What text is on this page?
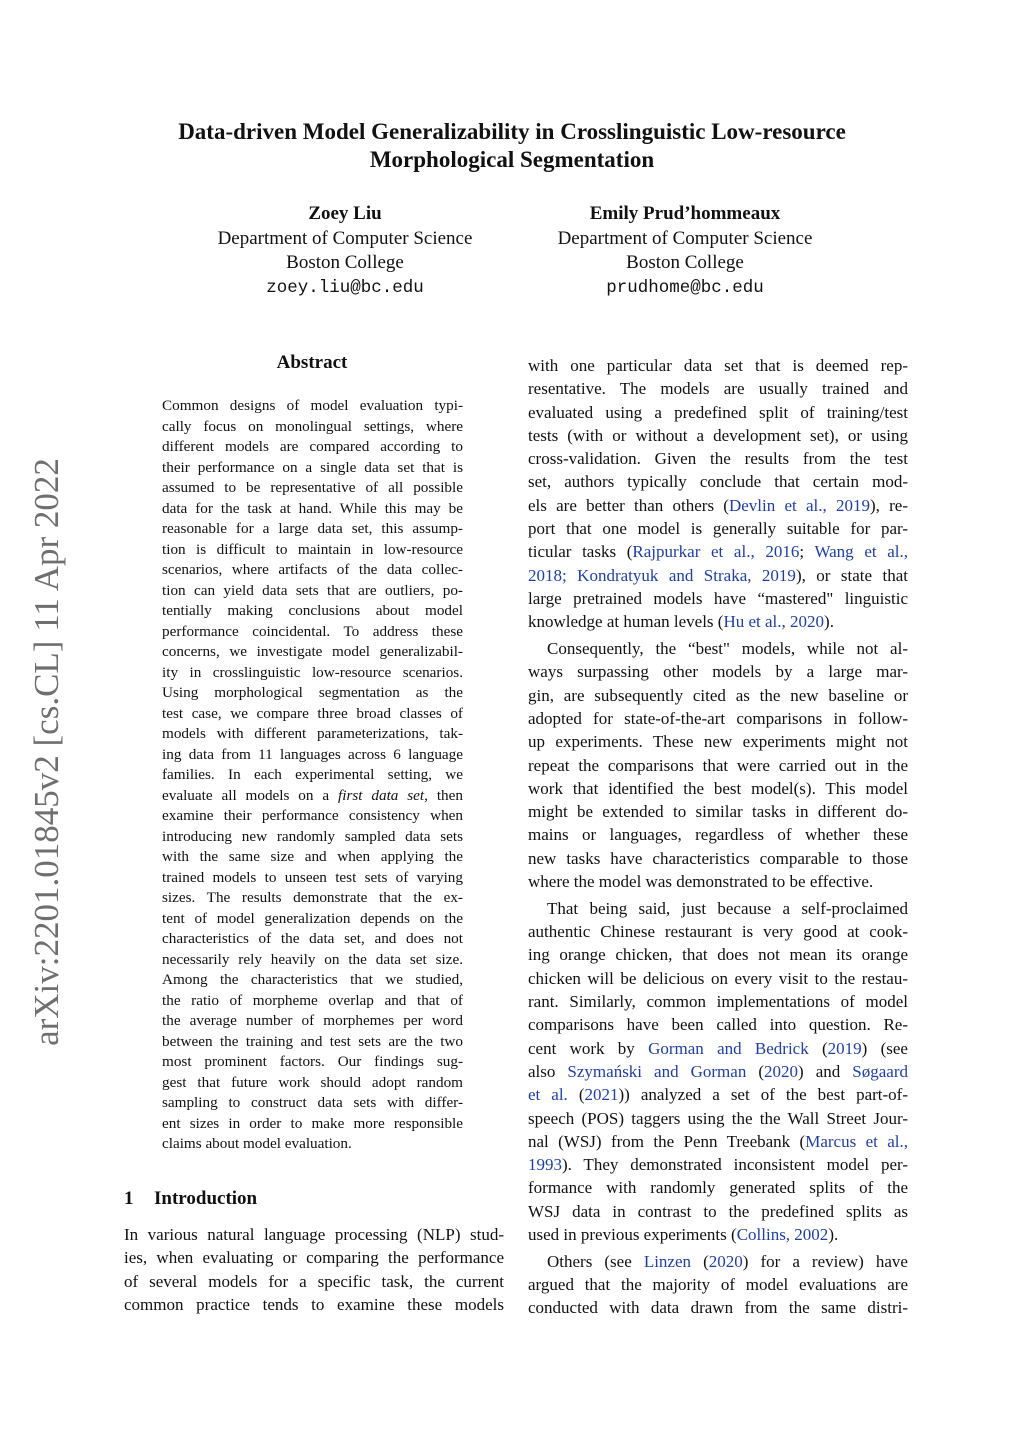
Data-driven Model Generalizability in Crosslinguistic Low-resource
Morphological Segmentation
Zoey Liu
Department of Computer Science
Boston College
zoey.liu@bc.edu
Emily Prud’hommeaux
Department of Computer Science
Boston College
prudhome@bc.edu
arXiv:2201.01845v2 [cs.CL] 11 Apr 2022
Abstract
Common designs of model evaluation typi-
cally focus on monolingual settings, where
different models are compared according to
their performance on a single data set that is
assumed to be representative of all possible
data for the task at hand. While this may be
reasonable for a large data set, this assump-
tion is difficult to maintain in low-resource
scenarios, where artifacts of the data collec-
tion can yield data sets that are outliers, po-
tentially making conclusions about model
performance coincidental. To address these
concerns, we investigate model generalizabil-
ity in crosslinguistic low-resource scenarios.
Using morphological segmentation as the
test case, we compare three broad classes of
models with different parameterizations, tak-
ing data from 11 languages across 6 language
families. In each experimental setting, we
evaluate all models on a first data set, then
examine their performance consistency when
introducing new randomly sampled data sets
with the same size and when applying the
trained models to unseen test sets of varying
sizes. The results demonstrate that the ex-
tent of model generalization depends on the
characteristics of the data set, and does not
necessarily rely heavily on the data set size.
Among the characteristics that we studied,
the ratio of morpheme overlap and that of
the average number of morphemes per word
between the training and test sets are the two
most prominent factors. Our findings sug-
gest that future work should adopt random
sampling to construct data sets with differ-
ent sizes in order to make more responsible
claims about model evaluation.
1 Introduction
In various natural language processing (NLP) stud-
ies, when evaluating or comparing the performance
of several models for a specific task, the current
common practice tends to examine these models
with one particular data set that is deemed rep-
resentative. The models are usually trained and
evaluated using a predefined split of training/test
tests (with or without a development set), or using
cross-validation. Given the results from the test
set, authors typically conclude that certain mod-
els are better than others (Devlin et al., 2019), re-
port that one model is generally suitable for par-
ticular tasks (Rajpurkar et al., 2016; Wang et al.,
2018; Kondratyuk and Straka, 2019), or state that
large pretrained models have “mastered" linguistic
knowledge at human levels (Hu et al., 2020).
Consequently, the “best" models, while not al-
ways surpassing other models by a large mar-
gin, are subsequently cited as the new baseline or
adopted for state-of-the-art comparisons in follow-
up experiments. These new experiments might not
repeat the comparisons that were carried out in the
work that identified the best model(s). This model
might be extended to similar tasks in different do-
mains or languages, regardless of whether these
new tasks have characteristics comparable to those
where the model was demonstrated to be effective.
That being said, just because a self-proclaimed
authentic Chinese restaurant is very good at cook-
ing orange chicken, that does not mean its orange
chicken will be delicious on every visit to the restau-
rant. Similarly, common implementations of model
comparisons have been called into question. Re-
cent work by Gorman and Bedrick (2019) (see
also Szymański and Gorman (2020) and Søgaard
et al. (2021)) analyzed a set of the best part-of-
speech (POS) taggers using the the Wall Street Jour-
nal (WSJ) from the Penn Treebank (Marcus et al.,
1993). They demonstrated inconsistent model per-
formance with randomly generated splits of the
WSJ data in contrast to the predefined splits as
used in previous experiments (Collins, 2002).
Others (see Linzen (2020) for a review) have
argued that the majority of model evaluations are
conducted with data drawn from the same distri-
